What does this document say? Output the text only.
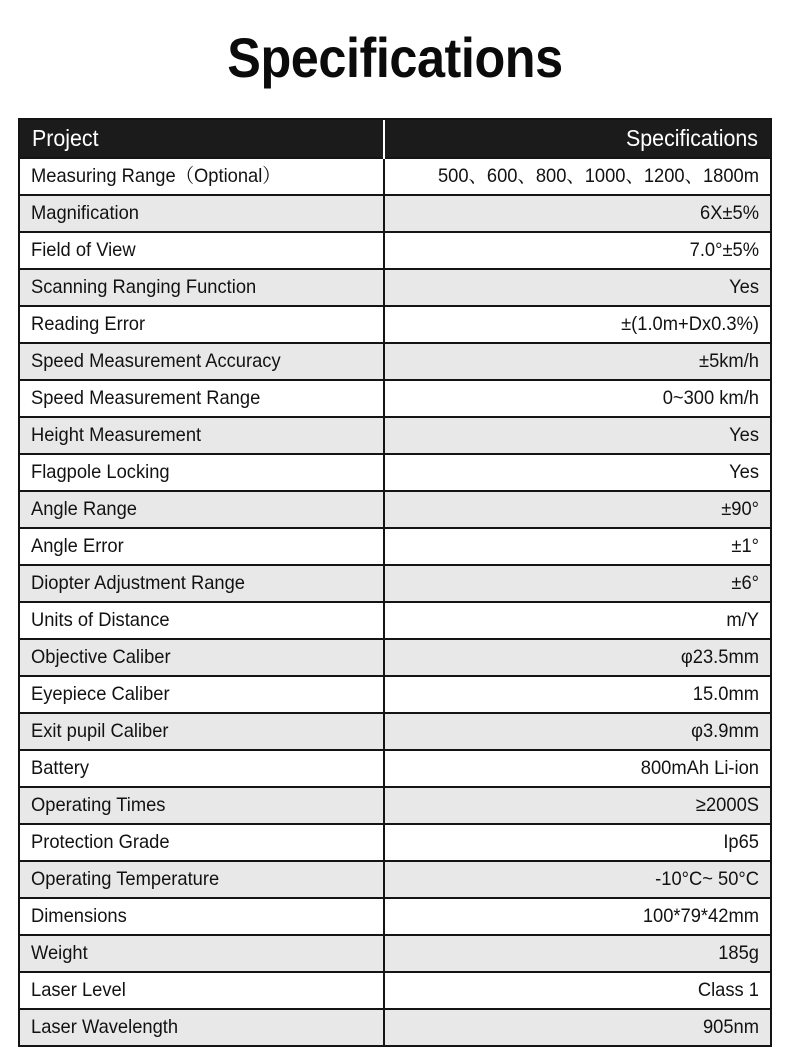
Specifications
Project	Specifications

Measuring Range（Optional）	500、600、800、1000、1200、1800m

Magnification	6X±5%

Field of View	7.0°±5%

Scanning Ranging Function	Yes

Reading Error	±(1.0m+Dx0.3%)

Speed Measurement Accuracy	±5km/h

Speed Measurement Range	0~300 km/h

Height Measurement	Yes

Flagpole Locking	Yes

Angle Range	±90°

Angle Error	±1°

Diopter Adjustment Range	±6°

Units of Distance	m/Y

Objective Caliber	φ23.5mm

Eyepiece Caliber	15.0mm

Exit pupil Caliber	φ3.9mm

Battery	800mAh Li-ion

Operating Times	≥2000S

Protection Grade	Ip65

Operating Temperature	-10°C~ 50°C

Dimensions	100*79*42mm

Weight	185g

Laser Level	Class 1

Laser Wavelength	905nm
